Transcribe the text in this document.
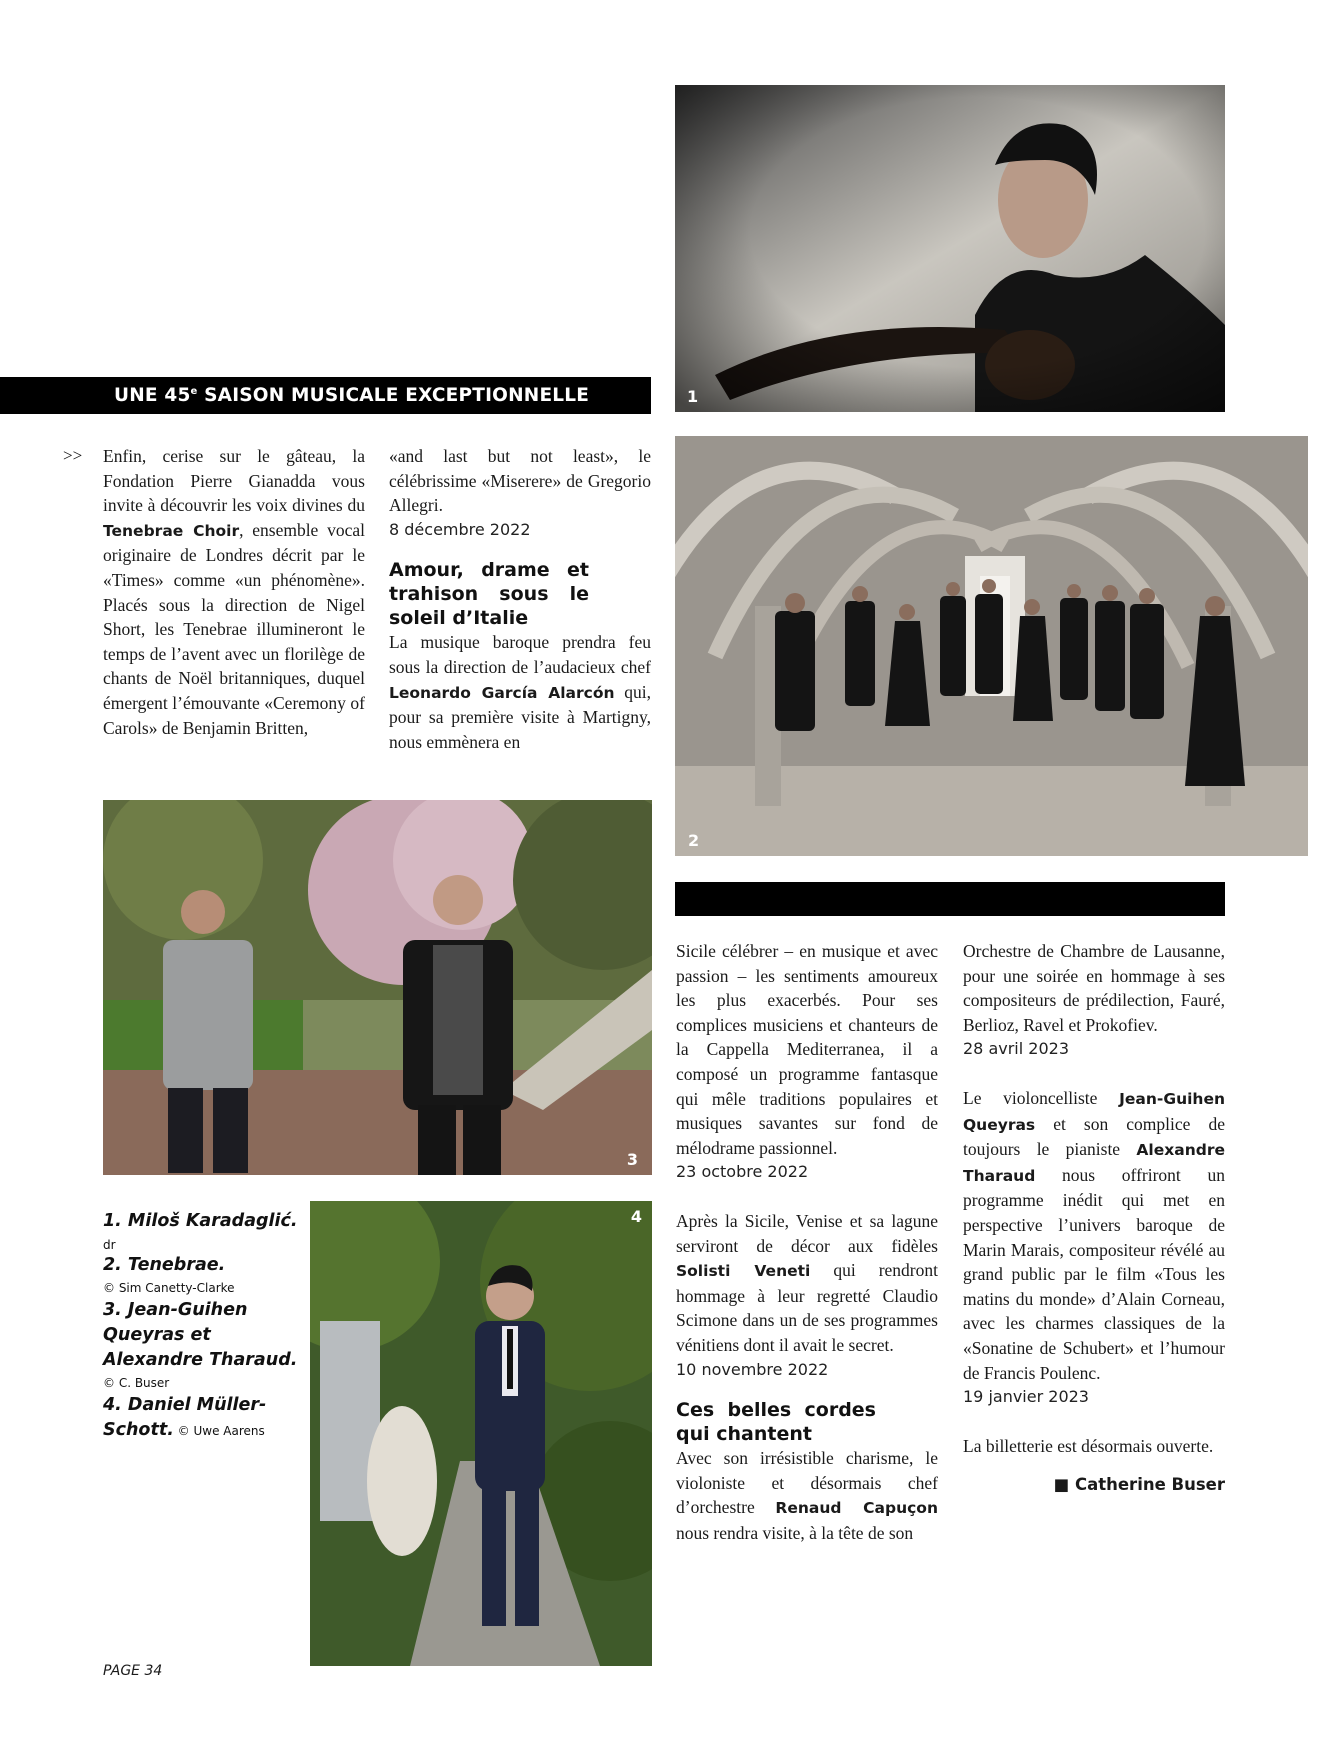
1
UNE 45e SAISON MUSICALE EXCEPTIONNELLE
2
>> Enfin, cerise sur le gâteau, la Fondation Pierre Gianadda vous invite à découvrir les voix divines du Tenebrae Choir, ensemble vocal originaire de Londres décrit par le «Times» comme «un phénomène». Placés sous la direction de Nigel Short, les Tenebrae illumineront le temps de l’avent avec un florilège de chants de Noël britanniques, duquel émergent l’émouvante «Ceremony of Carols» de Benjamin Britten,
«and last but not least», le célébrissime «Miserere» de Gregorio Allegri.
8 décembre 2022
Amour, drame et trahison sous le soleil d’Italie
La musique baroque prendra feu sous la direction de l’audacieux chef Leonardo García Alarcón qui, pour sa première visite à Martigny, nous emmènera en
3
Sicile célébrer – en musique et avec passion – les sentiments amoureux les plus exacerbés. Pour ses complices musiciens et chanteurs de la Cappella Mediterranea, il a composé un programme fantasque qui mêle traditions populaires et musiques savantes sur fond de mélodrame passionnel.
23 octobre 2022
Après la Sicile, Venise et sa lagune serviront de décor aux fidèles Solisti Veneti qui rendront hommage à leur regretté Claudio Scimone dans un de ses programmes vénitiens dont il avait le secret.
10 novembre 2022
Ces belles cordes qui chantent
Avec son irrésistible charisme, le violoniste et désormais chef d’orchestre Renaud Capuçon nous rendra visite, à la tête de son
Orchestre de Chambre de Lausanne, pour une soirée en hommage à ses compositeurs de prédilection, Fauré, Berlioz, Ravel et Prokofiev.
28 avril 2023
Le violoncelliste Jean-Guihen Queyras et son complice de toujours le pianiste Alexandre Tharaud nous offriront un programme inédit qui met en perspective l’univers baroque de Marin Marais, compositeur révélé au grand public par le film «Tous les matins du monde» d’Alain Corneau, avec les charmes classiques de la «Sonatine de Schubert» et l’humour de Francis Poulenc.
19 janvier 2023
La billetterie est désormais ouverte.
■ Catherine Buser
1. Miloš Karadaglić. dr
2. Tenebrae.
© Sim Canetty-Clarke
3. Jean-Guihen Queyras et Alexandre Tharaud.
© C. Buser
4. Daniel Müller-Schott. © Uwe Aarens
4
PAGE 34
